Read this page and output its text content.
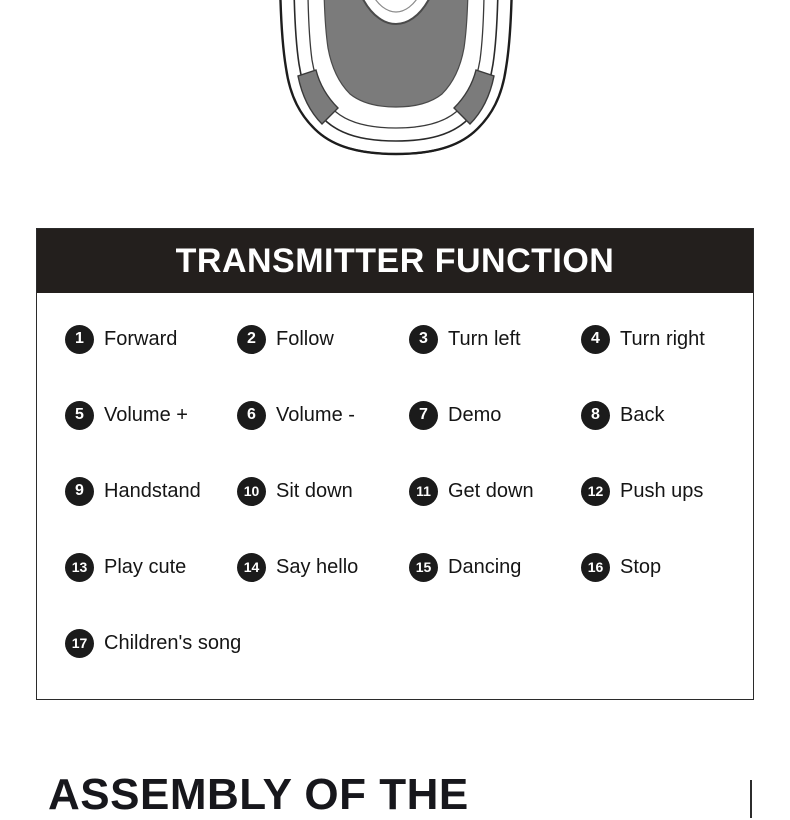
TRANSMITTER FUNCTION
1	Forward	2	Follow	3	Turn left	4	Turn right
5	Volume +	6	Volume -	7	Demo	8	Back
9	Handstand	10 Sit down	11 Get down	12 Push ups
13 Play cute	14 Say hello	15 Dancing	16 Stop
17 Children's song
ASSEMBLY OF THE
